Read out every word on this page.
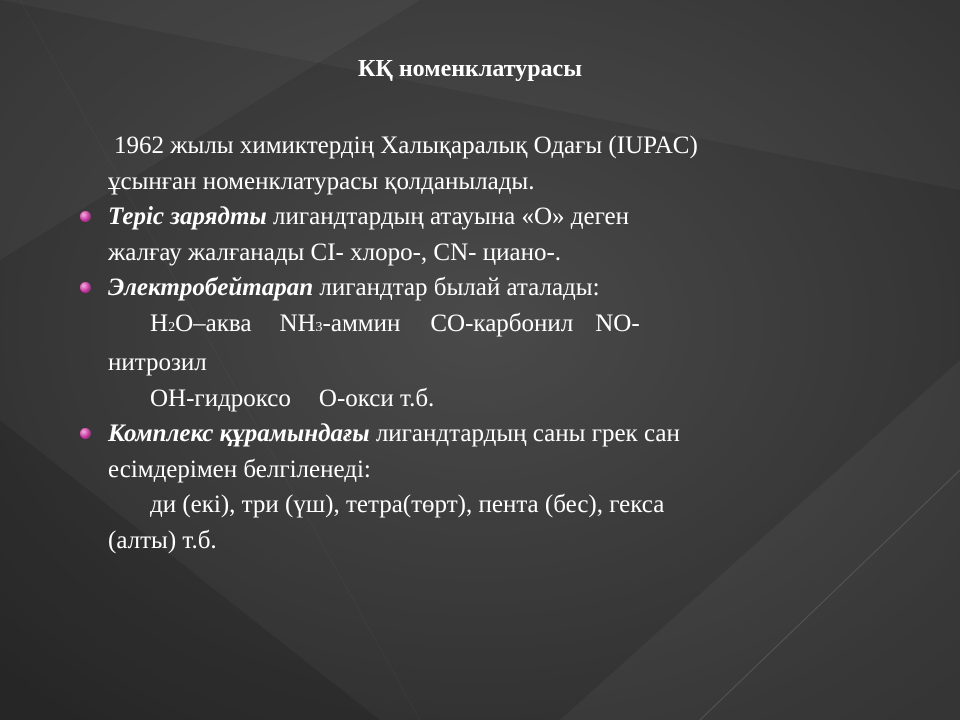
КҚ номенклатурасы
1962 жылы химиктердің Халықаралық Одағы (IUPAC)
ұсынған номенклатурасы қолданылады.
Теріс зарядты лигандтардың атауына «О» деген
жалғау жалғанады CI- хлоро-, CN- циано-.
Электробейтарап лигандтар былай аталады:
H2O–аква NH3-аммин CO-карбонил NO-
нитрозил
OH-гидроксо O-окси т.б.
Комплекс құрамындағы лигандтардың саны грек сан
есімдерімен белгіленеді:
ди (екі), три (үш), тетра(төрт), пента (бес), гекса
(алты) т.б.
